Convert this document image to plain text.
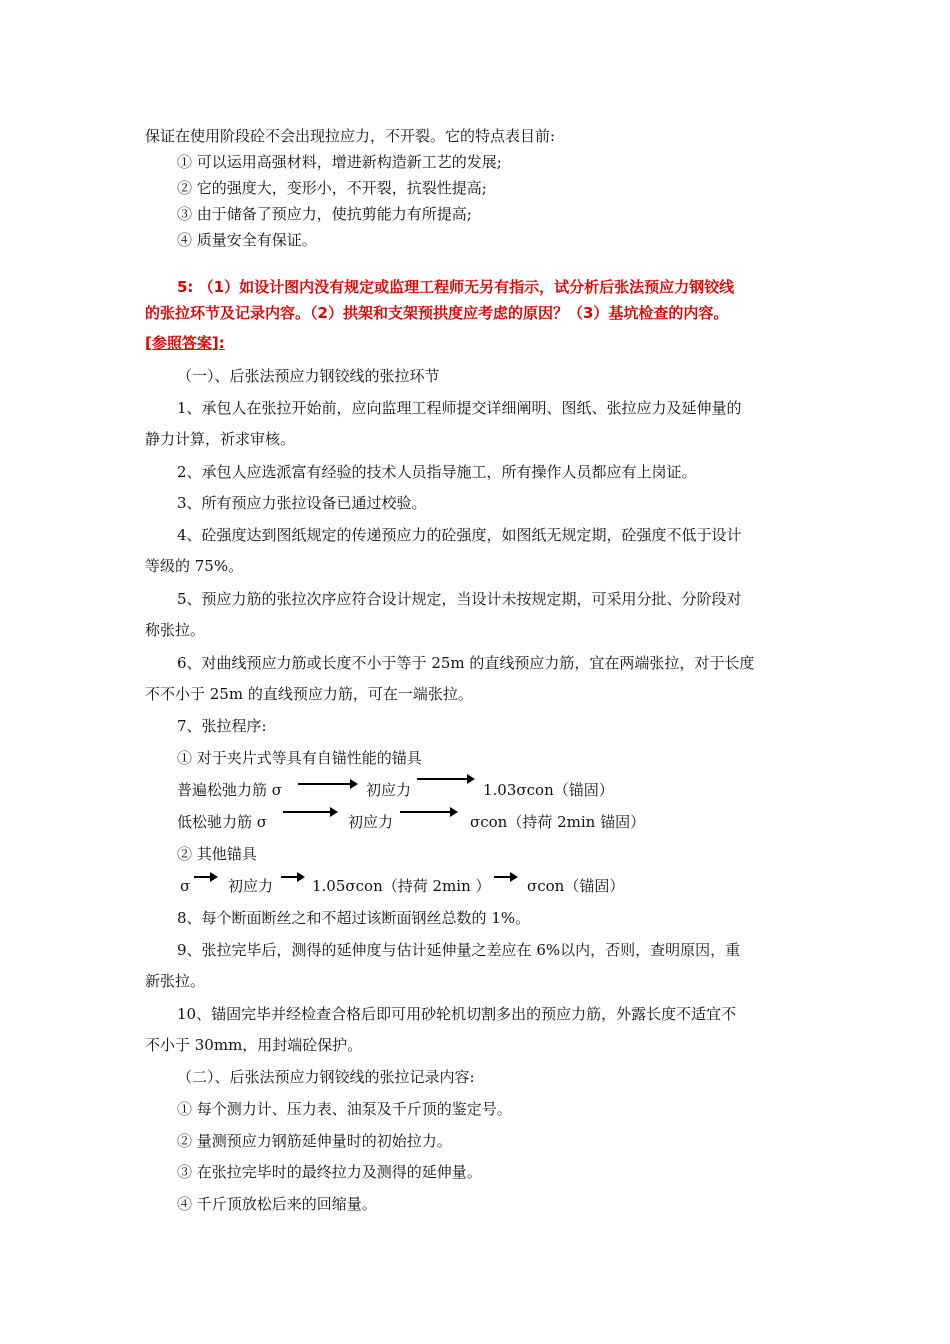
保证在使用阶段砼不会出现拉应力，不开裂。它的特点表目前:
① 可以运用高强材料，增进新构造新工艺的发展;
② 它的强度大，变形小，不开裂，抗裂性提高;
③ 由于储备了预应力，使抗剪能力有所提高;
④ 质量安全有保证。
5: （1）如设计图内没有规定或监理工程师无另有指示，试分析后张法预应力钢铰线
的张拉环节及记录内容。（2）拱架和支架预拱度应考虑的原因？（3）基坑检查的内容。
[参照答案]:
（一）、后张法预应力钢铰线的张拉环节
1、承包人在张拉开始前，应向监理工程师提交详细阐明、图纸、张拉应力及延伸量的
静力计算，祈求审核。
2、承包人应选派富有经验的技术人员指导施工，所有操作人员都应有上岗证。
3、所有预应力张拉设备已通过校验。
4、砼强度达到图纸规定的传递预应力的砼强度，如图纸无规定期，砼强度不低于设计
等级的 75%。
5、预应力筋的张拉次序应符合设计规定，当设计未按规定期，可采用分批、分阶段对
称张拉。
6、对曲线预应力筋或长度不小于等于 25m 的直线预应力筋，宜在两端张拉，对于长度
不不小于 25m 的直线预应力筋，可在一端张拉。
7、张拉程序:
① 对于夹片式等具有自锚性能的锚具
普遍松弛力筋 σ	初应力	1.03σcon（锚固）
低松驰力筋 σ	初应力	σcon（持荷 2min 锚固）
② 其他锚具
σ	初应力	1.05σcon（持荷 2min ） σcon（锚固）
8、每个断面断丝之和不超过该断面钢丝总数的 1%。
9、张拉完毕后，测得的延伸度与估计延伸量之差应在 6%以内，否则，查明原因，重
新张拉。
10、锚固完毕并经检查合格后即可用砂轮机切割多出的预应力筋，外露长度不适宜不
不小于 30mm，用封端砼保护。
（二）、后张法预应力钢铰线的张拉记录内容:
① 每个测力计、压力表、油泵及千斤顶的鉴定号。
② 量测预应力钢筋延伸量时的初始拉力。
③ 在张拉完毕时的最终拉力及测得的延伸量。
④ 千斤顶放松后来的回缩量。
